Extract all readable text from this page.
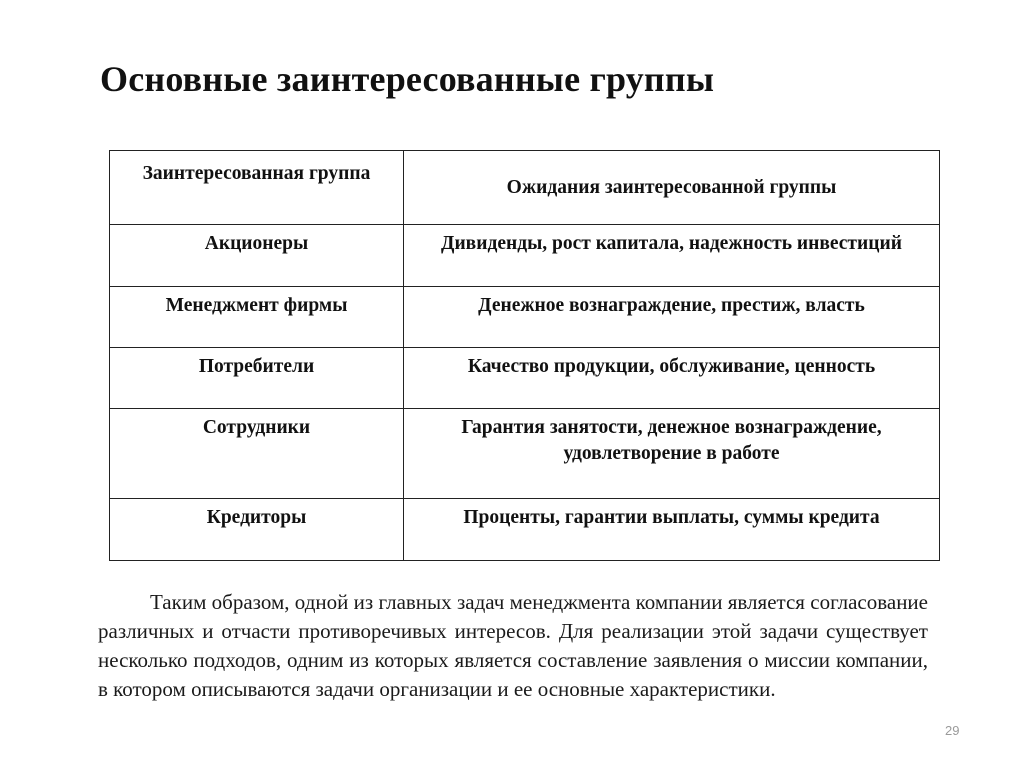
Основные заинтересованные группы
Заинтересованная группа	Ожидания заинтересованной группы
Акционеры	Дивиденды, рост капитала, надежность инвестиций
Менеджмент фирмы	Денежное вознаграждение, престиж, власть
Потребители	Качество продукции, обслуживание, ценность
Сотрудники	Гарантия занятости, денежное вознаграждение, удовлетворение в работе
Кредиторы	Проценты, гарантии выплаты, суммы кредита

Таким образом, одной из главных задач менеджмента компании является согласование различных и отчасти противоречивых интересов. Для реализации этой задачи существует несколько подходов, одним из которых является составление заявления о миссии компании, в котором описываются задачи организации и ее основные характеристики.

29
